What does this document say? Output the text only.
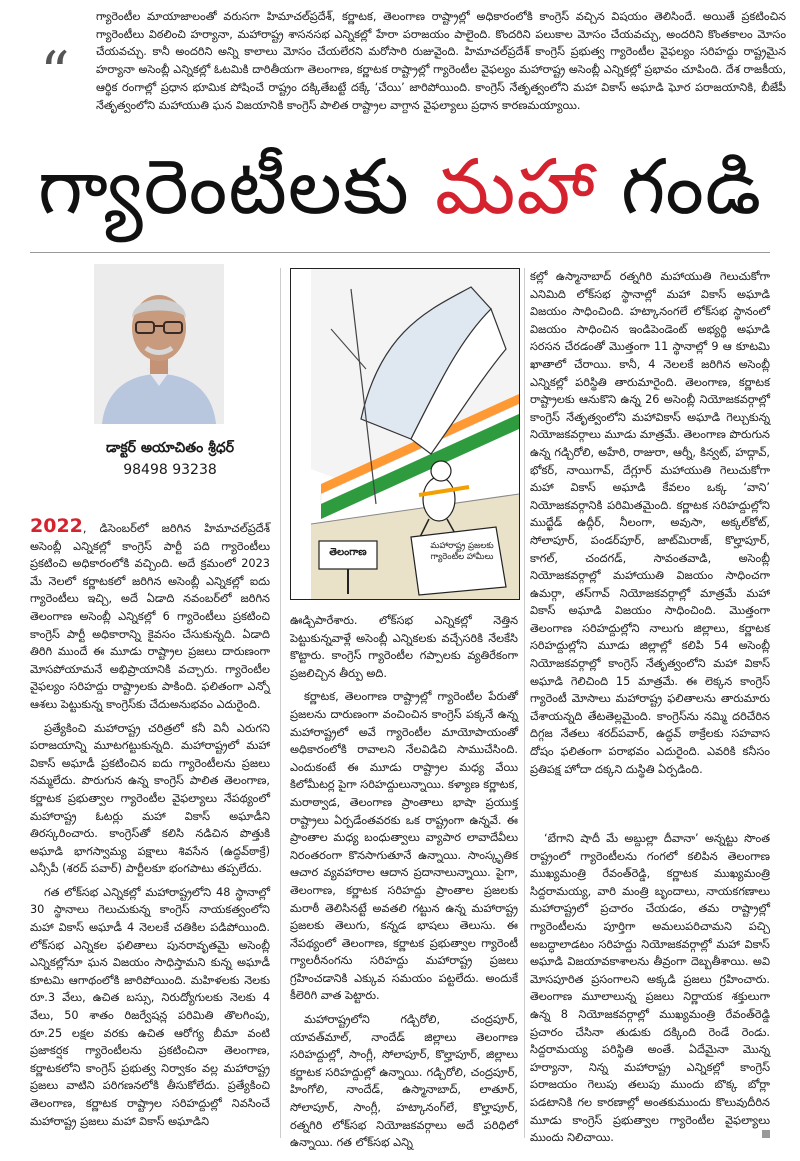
“
గ్యారెంటీల మాయాజాలంతో వరుసగా హిమాచల్‌ప్రదేశ్‌, కర్ణాటక, తెలంగాణ రాష్ట్రాల్లో అధికారంలోకి కాంగ్రెస్‌ వచ్చిన విషయం తెలిసిందే. అయితే ప్రకటించిన గ్యారెంటీలు విఠలించి హర్యానా, మహారాష్ట్ర శాసనసభ ఎన్నికల్లో హేరా పరాజయం పాలైంది. కొందరిని పలుకాల మోసం చేయవచ్చు, అందరిని కొంతకాలం మోసం చేయవచ్చు. కానీ అందరిని అన్ని కాలాలు మోసం చేయలేరని మరోసారి రుజువైంది. హిమాచల్‌ప్రదేశ్‌ కాంగ్రెస్‌ ప్రభుత్వ గ్యారెంటీల వైఫల్యం సరిహద్దు రాష్ట్రమైన హర్యానా అసెంబ్లీ ఎన్నికల్లో ఓటమికి దారితీయగా తెలంగాణ, కర్ణాటక రాష్ట్రాల్లో గ్యారెంటీల వైఫల్యం మహారాష్ట్ర అసెంబ్లీ ఎన్నికల్లో ప్రభావం చూపింది. దేశ రాజకీయ, ఆర్థిక రంగాల్లో ప్రధాన భూమిక పోషించే రాష్ట్రం దక్కితేబట్టే దక్కే ‘చేయి’ జారిపోయింది. కాంగ్రెస్‌ నేతృత్వంలోని మహా వికాస్‌ అఘాడి ఘోర పరాజయానికి, బీజేపీ నేతృత్వంలోని మహాయుతి ఘన విజయానికి కాంగ్రెస్‌ పాలిత రాష్ట్రాల వాగ్దాన వైఫల్యాలు ప్రధాన కారణమయ్యాయి.
గ్యారెంటీలకు మహా గండి
డాక్టర్‌ అయాచితం శ్రీధర్‌
98498 93238

2022, డిసెంబర్‌లో జరిగిన హిమాచల్‌ప్రదేశ్‌ అసెంబ్లీ ఎన్నికల్లో కాంగ్రెస్‌ పార్టీ పది గ్యారెంటీలు ప్రకటించి అధికారంలోకి వచ్చింది. అదే క్రమంలో 2023 మే నెలలో కర్ణాటకలో జరిగిన అసెంబ్లీ ఎన్నికల్లో ఐదు గ్యారెంటీలు ఇచ్చి, అదే ఏడాది నవంబర్‌లో జరిగిన తెలంగాణ అసెంబ్లీ ఎన్నికల్లో 6 గ్యారెంటీలు ప్రకటించి కాంగ్రెస్‌ పార్టీ అధికారాన్ని కైవసం చేసుకున్నది. ఏడాది తిరిగి ముందే ఈ మూడు రాష్ట్రాల ప్రజలు దారుణంగా మోసపోయామనే అభిప్రాయానికి వచ్చారు. గ్యారెంటీల వైఫల్యం సరిహద్దు రాష్ట్రాలకు పాకింది. ఫలితంగా ఎన్నో ఆశలు పెట్టుకున్న కాంగ్రెస్‌కు చేదుఅనుభవం ఎదురైంది.

ప్రత్యేకించి మహారాష్ట్ర చరిత్రలో కనీ వినీ ఎరుగని పరాజయాన్ని మూటగట్టుకున్నది. మహారాష్ట్రలో మహా వికాస్‌ అఘాడీ ప్రకటించిన ఐదు గ్యారెంటీలను ప్రజలు నమ్మలేదు. పొరుగున ఉన్న కాంగ్రెస్‌ పాలిత తెలంగాణ, కర్ణాటక ప్రభుత్వాల గ్యారెంటీల వైఫల్యాలు నేపథ్యంలో మహారాష్ట్ర ఓటర్లు మహా వికాస్‌ అఘాడీని తిరస్కరించారు. కాంగ్రెస్‌తో కలిసి నడిచిన పొత్తుకి అఘాడి భాగస్వామ్య పక్షాలు శివసేన (ఉద్ధవ్‌ఠాక్రే) ఎన్సీపీ (శరద్‌ పవార్‌) పార్టీలకూ భంగపాటు తప్పలేదు.

గత లోక్‌సభ ఎన్నికల్లో మహారాష్ట్రలోని 48 స్థానాల్లో 30 స్థానాలు గెలుచుకున్న కాంగ్రెస్‌ నాయకత్వంలోని మహా వికాస్‌ అఘాడీ 4 నెలలకే చతికిల పడిపోయింది. లోక్‌సభ ఎన్నికల ఫలితాలు పునరావృతమై అసెంబ్లీ ఎన్నికల్లోనూ ఘన విజయం సాధిస్తామని కున్న అఘాడీ కూటమి ఆగాథంలోకి జారిపోయింది. మహిళలకు నెలకు రూ.3 వేలు, ఉచిత బస్సు, నిరుద్యోగులకు నెలకు 4 వేలు, 50 శాతం రిజర్వేషన్ల పరిమితి తొలగింపు, రూ.25 లక్షల వరకు ఉచిత ఆరోగ్య బీమా వంటి ప్రజాకర్షక గ్యారెంటీలను ప్రకటించినా తెలంగాణ, కర్ణాటకలోని కాంగ్రెస్‌ ప్రభుత్వ నిర్వాకం వల్ల మహారాష్ట్ర ప్రజలు వాటిని పరిగణనలోకి తీసుకోలేదు. ప్రత్యేకించి తెలంగాణ, కర్ణాటక రాష్ట్రాల సరిహద్దుల్లో నివసించే మహారాష్ట్ర ప్రజలు మహా వికాస్‌ అఘాడిని

తెలంగాణ
మహారాష్ట్ర ప్రజలకు గ్యారెంటీల హామీలు

ఊడ్చిపారేశారు. లోక్‌సభ ఎన్నికల్లో నెత్తిన పెట్టుకున్నవాళ్లే అసెంబ్లీ ఎన్నికలకు వచ్చేసరికి నేలకేసి కొట్టారు. కాంగ్రెస్‌ గ్యారెంటీల గప్పాలకు వ్యతిరేకంగా ప్రజలిచ్చిన తీర్పు అది.

కర్ణాటక, తెలంగాణ రాష్ట్రాల్లో గ్యారెంటీల పేరుతో ప్రజలను దారుణంగా వంచించిన కాంగ్రెస్‌ పక్కనే ఉన్న మహారాష్ట్రలో అవే గ్యారెంటీల మాయోపాయంతో అధికారంలోకి రావాలని నేలవిడిచి సాముచేసింది. ఎందుకంటే ఈ మూడు రాష్ట్రాల మధ్య వేయి కిలోమీటర్ల పైగా సరిహద్దులున్నాయి. కళ్యాణ కర్ణాటక, మరాఠ్వాడ, తెలంగాణ ప్రాంతాలు భాషా ప్రయుక్త రాష్ట్రాలు ఏర్పడేంతవరకు ఒక రాష్ట్రంగా ఉన్నవే. ఈ ప్రాంతాల మధ్య బంధుత్వాలు వ్యాపార లావాదేవీలు నిరంతరంగా కొనసాగుతూనే ఉన్నాయి. సాంస్కృతిక ఆచార వ్యవహారాల ఆదాన ప్రదానాలున్నాయి. పైగా, తెలంగాణ, కర్ణాటక సరిహద్దు ప్రాంతాల ప్రజలకు మరాఠీ తెలిసినట్టే అవతలి గట్టున ఉన్న మహారాష్ట్ర ప్రజలకు తెలుగు, కన్నడ భాషలు తెలుసు. ఈ నేపథ్యంలో తెలంగాణ, కర్ణాటక ప్రభుత్వాల గ్యారెంటీ గ్యాలరీనంగను సరిహద్దు మహారాష్ట్ర ప్రజలు గ్రహించడానికి ఎక్కువ సమయం పట్టలేదు. అందుకే కీలెరిగి వాత పెట్టారు.

మహారాష్ట్రలోని గడ్చిరోలి, చంద్రపూర్‌, యావత్‌మాల్‌, నాందేడ్‌ జిల్లాలు తెలంగాణ సరిహద్దుల్లో, సాంగ్లీ, సోలాపూర్‌, కొల్హాపూర్‌, జిల్లాలు కర్ణాటక సరిహద్దుల్లో ఉన్నాయి. గడ్చిరోలి, చంద్రపూర్‌, హింగోలి, నాందేడ్‌, ఉస్మానాబాద్‌, లాతూర్‌, సోలాపూర్‌, సాంగ్లీ, హట్కానంగ్‌లే, కొల్హాపూర్‌, రత్నగిరి లోక్‌సభ నియోజకవర్గాలు అదే పరిధిలో ఉన్నాయి. గత లోక్‌సభ ఎన్ని

కల్లో ఉస్మానాబాద్‌ రత్నగిరి మహాయుతి గెలుచుకోగా ఎనిమిది లోక్‌సభ స్థానాల్లో మహా వికాస్‌ అఘాడి విజయం సాధించింది. హట్కానంగలే లోక్‌సభ స్థానంలో విజయం సాధించిన ఇండిపెండెంట్‌ అభ్యర్థి అఘాడి సరసన చేరడంతో మొత్తంగా 11 స్థానాల్లో 9 ఆ కూటమి ఖాతాలో చేరాయి. కానీ, 4 నెలలకే జరిగిన అసెంబ్లీ ఎన్నికల్లో పరిస్థితి తారుమారైంది. తెలంగాణ, కర్ణాటక రాష్ట్రాలకు ఆనుకొని ఉన్న 26 అసెంబ్లీ నియోజకవర్గాల్లో కాంగ్రెస్‌ నేతృత్వంలోని మహావికాస్‌ అఘాడి గెల్చుకున్న నియోజకవర్గాలు మూడు మాత్రమే. తెలంగాణ పొరుగున ఉన్న గడ్చిరోలి, అహేరి, రాజురా, ఆర్నీ, కిన్వట్‌, హద్గావ్‌, భోకర్‌, నాయిగావ్‌, దేగ్లూర్‌ మహాయుతి గెలుచుకోగా మహా వికాస్‌ అఘాడి కేవలం ఒక్క ‘వాని’ నియోజకవర్గానికి పరిమితమైంది. కర్ణాటక సరిహద్దుల్లోని ముద్ఖేడ్‌ ఉద్గీర్‌, నీలంగా, అవుసా, అక్కల్‌కోట్‌, సోలాపూర్‌, పండర్‌పూర్‌, జాట్‌మిరాజ్‌, కొల్హాపూర్‌, కాగల్‌, చందగడ్‌, సావంతవాడి, అసెంబ్లీ నియోజకవర్గాల్లో మహాయుతి విజయం సాధించగా ఉమర్గా, తస్‌గావ్‌ నియోజకవర్గాల్లో మాత్రమే మహా వికాస్‌ అఘాడి విజయం సాధించింది. మొత్తంగా తెలంగాణ సరిహద్దుల్లోని నాలుగు జిల్లాలు, కర్ణాటక సరిహద్దుల్లోని మూడు జిల్లాల్లో కలిపి 54 అసెంబ్లీ నియోజకవర్గాల్లో కాంగ్రెస్‌ నేతృత్వంలోని మహా వికాస్‌ అఘాడి గెలిచింది 15 మాత్రమే. ఈ లెక్కన కాంగ్రెస్‌ గ్యారెంటీ మోసాలు మహారాష్ట్ర ఫలితాలను తారుమారు చేశాయన్నది తేటతెల్లమైంది. కాంగ్రెస్‌ను నమ్మి దరిచేరిన దిగ్గజ నేతలు శరద్‌పవార్‌, ఉద్ధవ్‌ ఠాక్రేలకు సహవాస దోషం ఫలితంగా పరాభవం ఎదురైంది. ఎవరికి కనీసం ప్రతిపక్ష హోదా దక్కని దుస్థితి ఏర్పడింది.

‘బేగాని షాదీ మే అబ్దుల్లా దీవానా’ అన్నట్టు సొంత రాష్ట్రంలో గ్యారెంటీలను గంగలో కలిపిన తెలంగాణ ముఖ్యమంత్రి రేవంత్‌రెడ్డి, కర్ణాటక ముఖ్యమంత్రి సిద్దరామయ్య, వారి మంత్రి బృందాలు, నాయకగణాలు మహారాష్ట్రలో ప్రచారం చేయడం, తమ రాష్ట్రాల్లో గ్యారెంటీలను పూర్తిగా అమలుపరిచామని పచ్చి అబద్ధాలాడటం సరిహద్దు నియోజకవర్గాల్లో మహా వికాస్‌ అఘాడి విజయావకాశాలను తీవ్రంగా దెబ్బతీశాయి. అవి మోసపూరిత ప్రసంగాలని అక్కడి ప్రజలు గ్రహించారు. తెలంగాణ మూలాలున్న ప్రజలు నిర్ణాయక శక్తులుగా ఉన్న 8 నియోజకవర్గాల్లో ముఖ్యమంత్రి రేవంత్‌రెడ్డి ప్రచారం చేసినా తుడుకు దక్కింది రెండే రెండు. సిద్దరామయ్య పరిస్థితి అంతే. ఏదేమైనా మొన్న హర్యానా, నిన్న మహారాష్ట్ర ఎన్నికల్లో కాంగ్రెస్‌ పరాజయం గెలుపు తలుపు ముందు బొక్క బోర్లా పడటానికి గల కారణాల్లో అంతకుముందు కొలువుదీరిన మూడు కాంగ్రెస్‌ ప్రభుత్వాల గ్యారెంటీల వైఫల్యాలు ముందు నిలిచాయి.
